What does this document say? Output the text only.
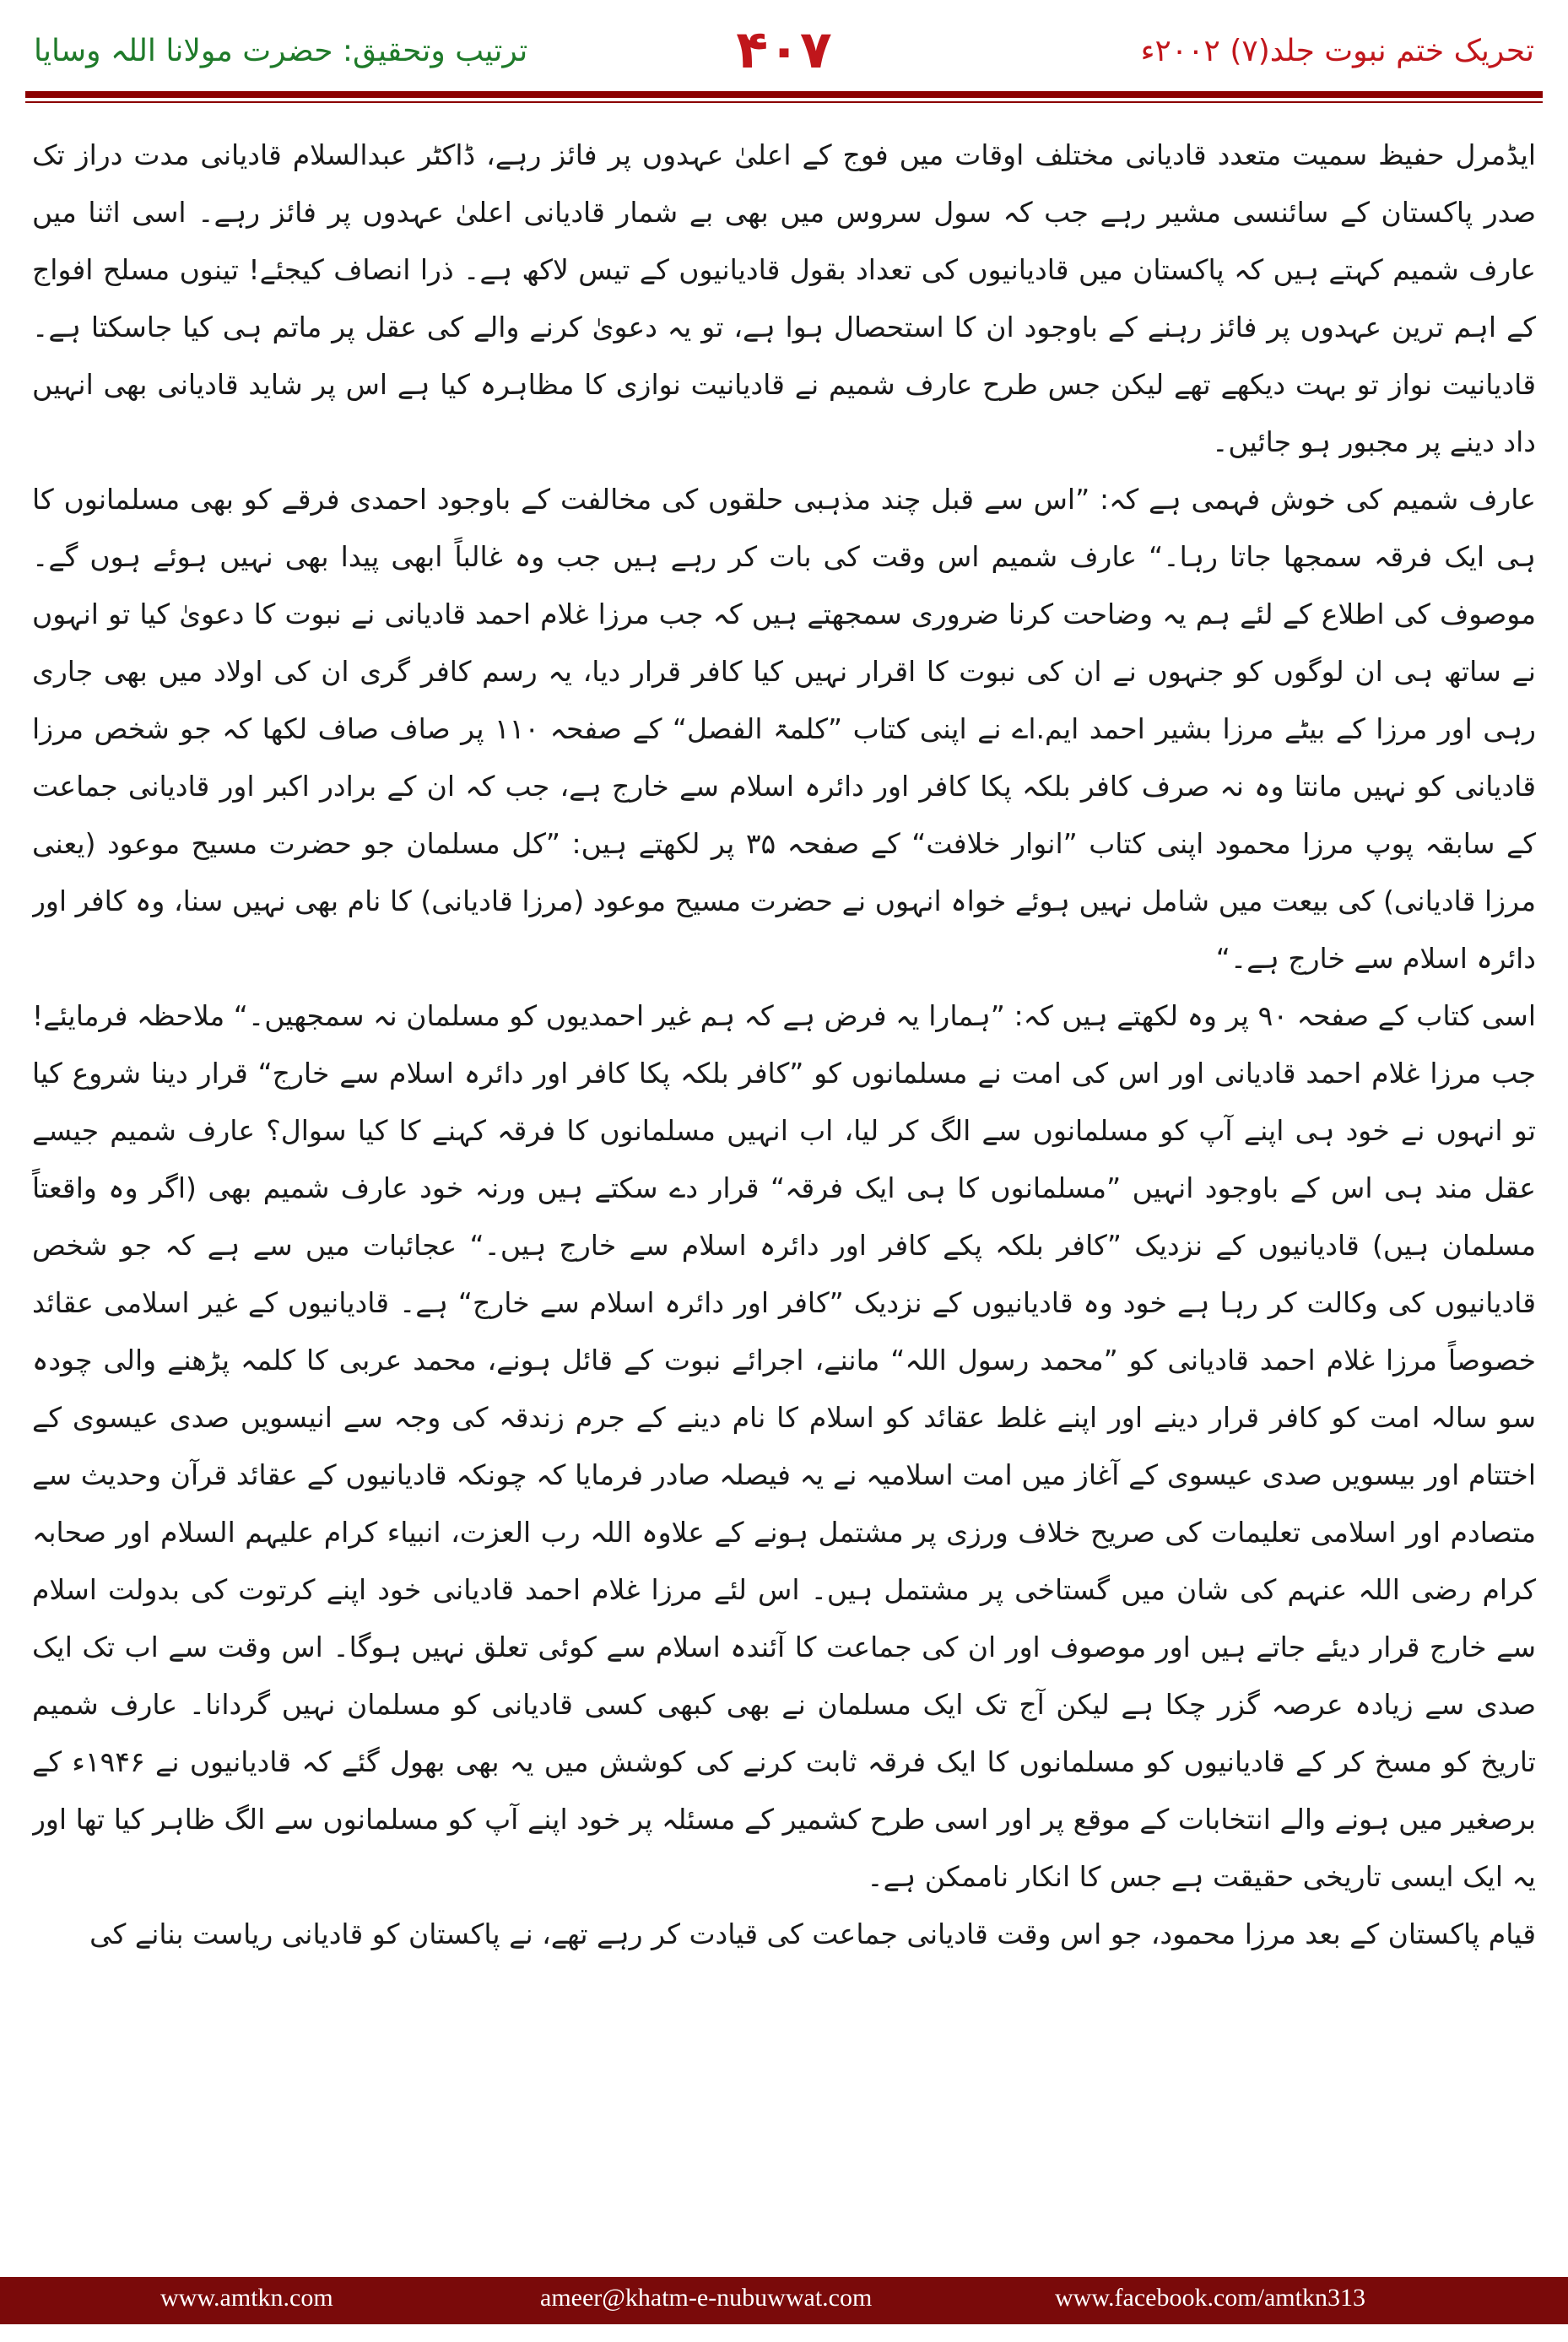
ترتیب وتحقیق: حضرت مولانا اللہ وسایا	۴۰۷	تحریک ختم نبوت جلد(۷) ۲۰۰۲ء

ایڈمرل حفیظ سمیت متعدد قادیانی مختلف اوقات میں فوج کے اعلیٰ عہدوں پر فائز رہے، ڈاکٹر عبدالسلام قادیانی مدت دراز تک صدر پاکستان کے سائنسی مشیر رہے جب کہ سول سروس میں بھی بے شمار قادیانی اعلیٰ عہدوں پر فائز رہے۔ اسی اثنا میں عارف شمیم کہتے ہیں کہ پاکستان میں قادیانیوں کی تعداد بقول قادیانیوں کے تیس لاکھ ہے۔ ذرا انصاف کیجئے! تینوں مسلح افواج کے اہم ترین عہدوں پر فائز رہنے کے باوجود ان کا استحصال ہوا ہے، تو یہ دعویٰ کرنے والے کی عقل پر ماتم ہی کیا جاسکتا ہے۔ قادیانیت نواز تو بہت دیکھے تھے لیکن جس طرح عارف شمیم نے قادیانیت نوازی کا مظاہرہ کیا ہے اس پر شاید قادیانی بھی انہیں داد دینے پر مجبور ہو جائیں۔

عارف شمیم کی خوش فہمی ہے کہ: ”اس سے قبل چند مذہبی حلقوں کی مخالفت کے باوجود احمدی فرقے کو بھی مسلمانوں کا ہی ایک فرقہ سمجھا جاتا رہا۔“ عارف شمیم اس وقت کی بات کر رہے ہیں جب وہ غالباً ابھی پیدا بھی نہیں ہوئے ہوں گے۔ موصوف کی اطلاع کے لئے ہم یہ وضاحت کرنا ضروری سمجھتے ہیں کہ جب مرزا غلام احمد قادیانی نے نبوت کا دعویٰ کیا تو انہوں نے ساتھ ہی ان لوگوں کو جنہوں نے ان کی نبوت کا اقرار نہیں کیا کافر قرار دیا، یہ رسم کافر گری ان کی اولاد میں بھی جاری رہی اور مرزا کے بیٹے مرزا بشیر احمد ایم.اے نے اپنی کتاب ”کلمۃ الفصل“ کے صفحہ ۱۱۰ پر صاف صاف لکھا کہ جو شخص مرزا قادیانی کو نہیں مانتا وہ نہ صرف کافر بلکہ پکا کافر اور دائرہ اسلام سے خارج ہے، جب کہ ان کے برادر اکبر اور قادیانی جماعت کے سابقہ پوپ مرزا محمود اپنی کتاب ”انوار خلافت“ کے صفحہ ۳۵ پر لکھتے ہیں: ”کل مسلمان جو حضرت مسیح موعود (یعنی مرزا قادیانی) کی بیعت میں شامل نہیں ہوئے خواہ انہوں نے حضرت مسیح موعود (مرزا قادیانی) کا نام بھی نہیں سنا، وہ کافر اور دائرہ اسلام سے خارج ہے۔“

اسی کتاب کے صفحہ ۹۰ پر وہ لکھتے ہیں کہ: ”ہمارا یہ فرض ہے کہ ہم غیر احمدیوں کو مسلمان نہ سمجھیں۔“ ملاحظہ فرمایئے! جب مرزا غلام احمد قادیانی اور اس کی امت نے مسلمانوں کو ”کافر بلکہ پکا کافر اور دائرہ اسلام سے خارج“ قرار دینا شروع کیا تو انہوں نے خود ہی اپنے آپ کو مسلمانوں سے الگ کر لیا، اب انہیں مسلمانوں کا فرقہ کہنے کا کیا سوال؟ عارف شمیم جیسے عقل مند ہی اس کے باوجود انہیں ”مسلمانوں کا ہی ایک فرقہ“ قرار دے سکتے ہیں ورنہ خود عارف شمیم بھی (اگر وہ واقعتاً مسلمان ہیں) قادیانیوں کے نزدیک ”کافر بلکہ پکے کافر اور دائرہ اسلام سے خارج ہیں۔“ عجائبات میں سے ہے کہ جو شخص قادیانیوں کی وکالت کر رہا ہے خود وہ قادیانیوں کے نزدیک ”کافر اور دائرہ اسلام سے خارج“ ہے۔ قادیانیوں کے غیر اسلامی عقائد خصوصاً مرزا غلام احمد قادیانی کو ”محمد رسول اللہ“ ماننے، اجرائے نبوت کے قائل ہونے، محمد عربی کا کلمہ پڑھنے والی چودہ سو سالہ امت کو کافر قرار دینے اور اپنے غلط عقائد کو اسلام کا نام دینے کے جرم زندقہ کی وجہ سے انیسویں صدی عیسوی کے اختتام اور بیسویں صدی عیسوی کے آغاز میں امت اسلامیہ نے یہ فیصلہ صادر فرمایا کہ چونکہ قادیانیوں کے عقائد قرآن وحدیث سے متصادم اور اسلامی تعلیمات کی صریح خلاف ورزی پر مشتمل ہونے کے علاوہ اللہ رب العزت، انبیاء کرام علیہم السلام اور صحابہ کرام رضی اللہ عنہم کی شان میں گستاخی پر مشتمل ہیں۔ اس لئے مرزا غلام احمد قادیانی خود اپنے کرتوت کی بدولت اسلام سے خارج قرار دیئے جاتے ہیں اور موصوف اور ان کی جماعت کا آئندہ اسلام سے کوئی تعلق نہیں ہوگا۔ اس وقت سے اب تک ایک صدی سے زیادہ عرصہ گزر چکا ہے لیکن آج تک ایک مسلمان نے بھی کبھی کسی قادیانی کو مسلمان نہیں گردانا۔ عارف شمیم تاریخ کو مسخ کر کے قادیانیوں کو مسلمانوں کا ایک فرقہ ثابت کرنے کی کوشش میں یہ بھی بھول گئے کہ قادیانیوں نے ۱۹۴۶ء کے برصغیر میں ہونے والے انتخابات کے موقع پر اور اسی طرح کشمیر کے مسئلہ پر خود اپنے آپ کو مسلمانوں سے الگ ظاہر کیا تھا اور یہ ایک ایسی تاریخی حقیقت ہے جس کا انکار ناممکن ہے۔

قیام پاکستان کے بعد مرزا محمود، جو اس وقت قادیانی جماعت کی قیادت کر رہے تھے، نے پاکستان کو قادیانی ریاست بنانے کی

www.amtkn.com	ameer@khatm-e-nubuwwat.com	www.facebook.com/amtkn313
